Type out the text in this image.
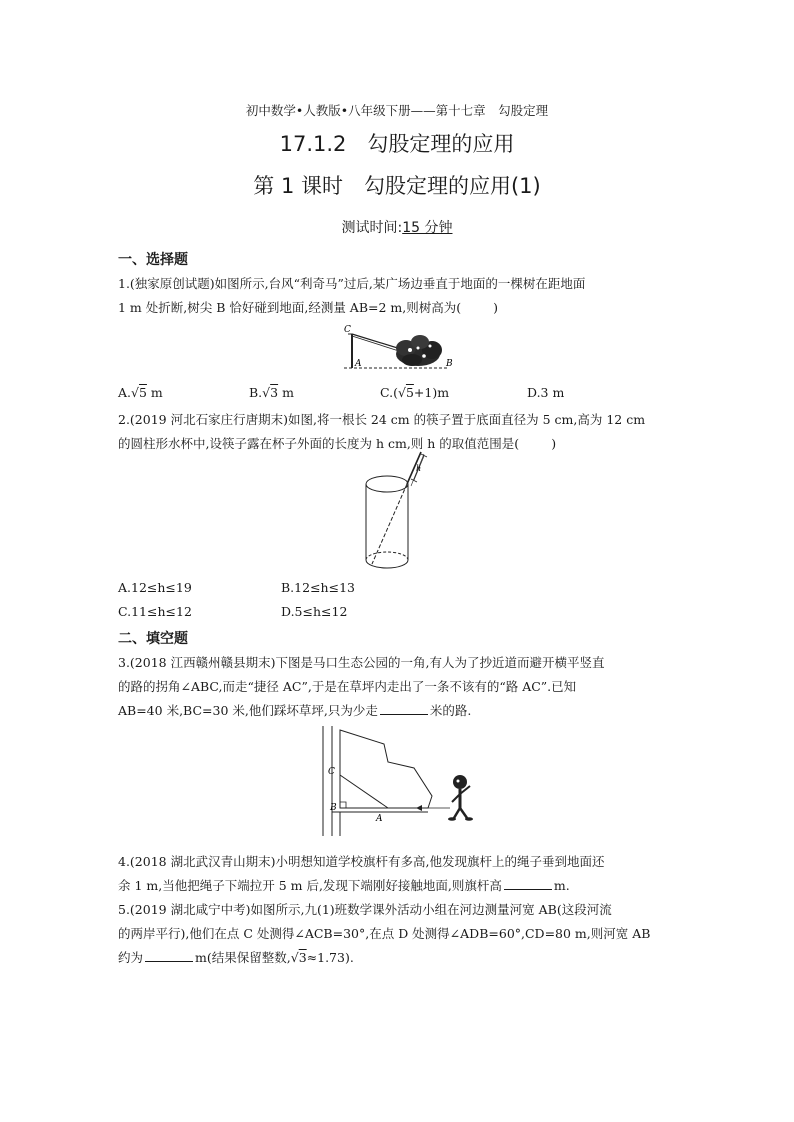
初中数学•人教版•八年级下册——第十七章　勾股定理
17.1.2　勾股定理的应用
第 1 课时　勾股定理的应用(1)
测试时间:15 分钟
一、选择题
1.(独家原创试题)如图所示,台风“利奇马”过后,某广场边垂直于地面的一棵树在距地面
1 m 处折断,树尖 B 恰好碰到地面,经测量 AB=2 m,则树高为(	)
C
A	B
A.√5 m	B.√3 m	C.(√5+1)m	D.3 m
2.(2019 河北石家庄行唐期末)如图,将一根长 24 cm 的筷子置于底面直径为 5 cm,高为 12 cm
的圆柱形水杯中,设筷子露在杯子外面的长度为 h cm,则 h 的取值范围是(	)
h
A.12≤h≤19	B.12≤h≤13
C.11≤h≤12	D.5≤h≤12
二、填空题
3.(2018 江西赣州赣县期末)下图是马口生态公园的一角,有人为了抄近道而避开横平竖直
的路的拐角∠ABC,而走“捷径 AC”,于是在草坪内走出了一条不该有的“路 AC”.已知
AB=40 米,BC=30 米,他们踩坏草坪,只为少走	米的路.
C
B
A
4.(2018 湖北武汉青山期末)小明想知道学校旗杆有多高,他发现旗杆上的绳子垂到地面还
余 1 m,当他把绳子下端拉开 5 m 后,发现下端刚好接触地面,则旗杆高	m.
5.(2019 湖北咸宁中考)如图所示,九(1)班数学课外活动小组在河边测量河宽 AB(这段河流
的两岸平行),他们在点 C 处测得∠ACB=30°,在点 D 处测得∠ADB=60°,CD=80 m,则河宽 AB
约为	m(结果保留整数,√3≈1.73).
